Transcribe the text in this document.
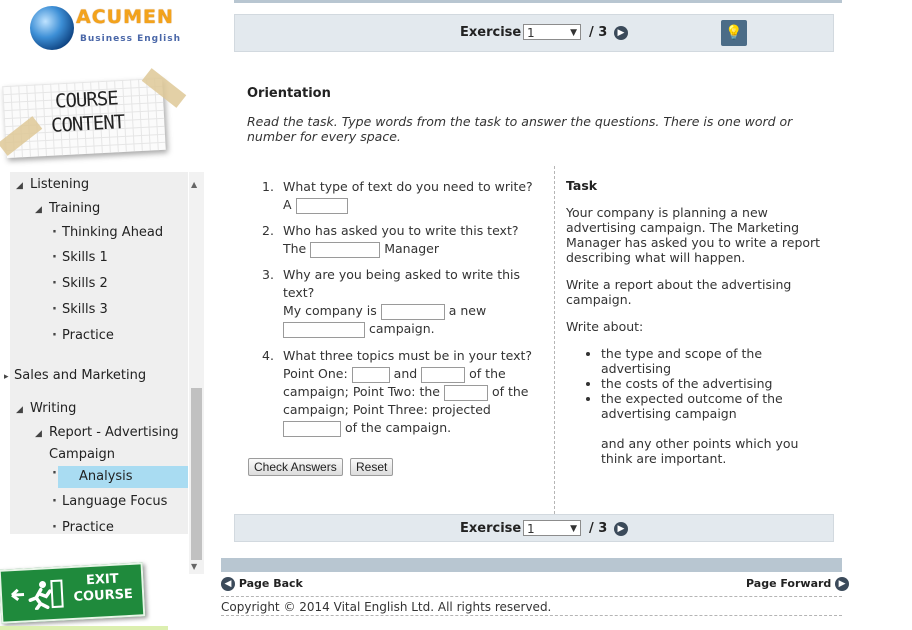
ACUMEN
Business English
COURSE
CONTENT
◢ Listening
◢ Training
· Thinking Ahead
· Skills 1
· Skills 2
· Skills 3
· Practice
▸ Sales and Marketing
◢ Writing
◢ Report - Advertising
Campaign
·	Analysis
· Language Focus
· Practice
▲
▼
EXIT
COURSE
Exercise 1	▼ / 3	▶	💡
Orientation
Read the task. Type words from the task to answer the questions. There is one word or number for every space.
1. What type of text do you need to write?
A
2. Who has asked you to write this text?
The	Manager
3. Why are you being asked to write this
text?
My company is	a new
campaign.
4. What three topics must be in your text?
Point One:	and	of the
campaign; Point Two: the	of the
campaign; Point Three: projected
of the campaign.
Check Answers	Reset
Task

Your company is planning a new advertising campaign. The Marketing Manager has asked you to write a report describing what will happen.

Write a report about the advertising campaign.

Write about:

• the type and scope of the advertising
• the costs of the advertising
• the expected outcome of the advertising campaign
and any other points which you think are important.
Exercise 1	▼ / 3	▶
◀ Page Back	Page Forward ▶
Copyright © 2014 Vital English Ltd. All rights reserved.
